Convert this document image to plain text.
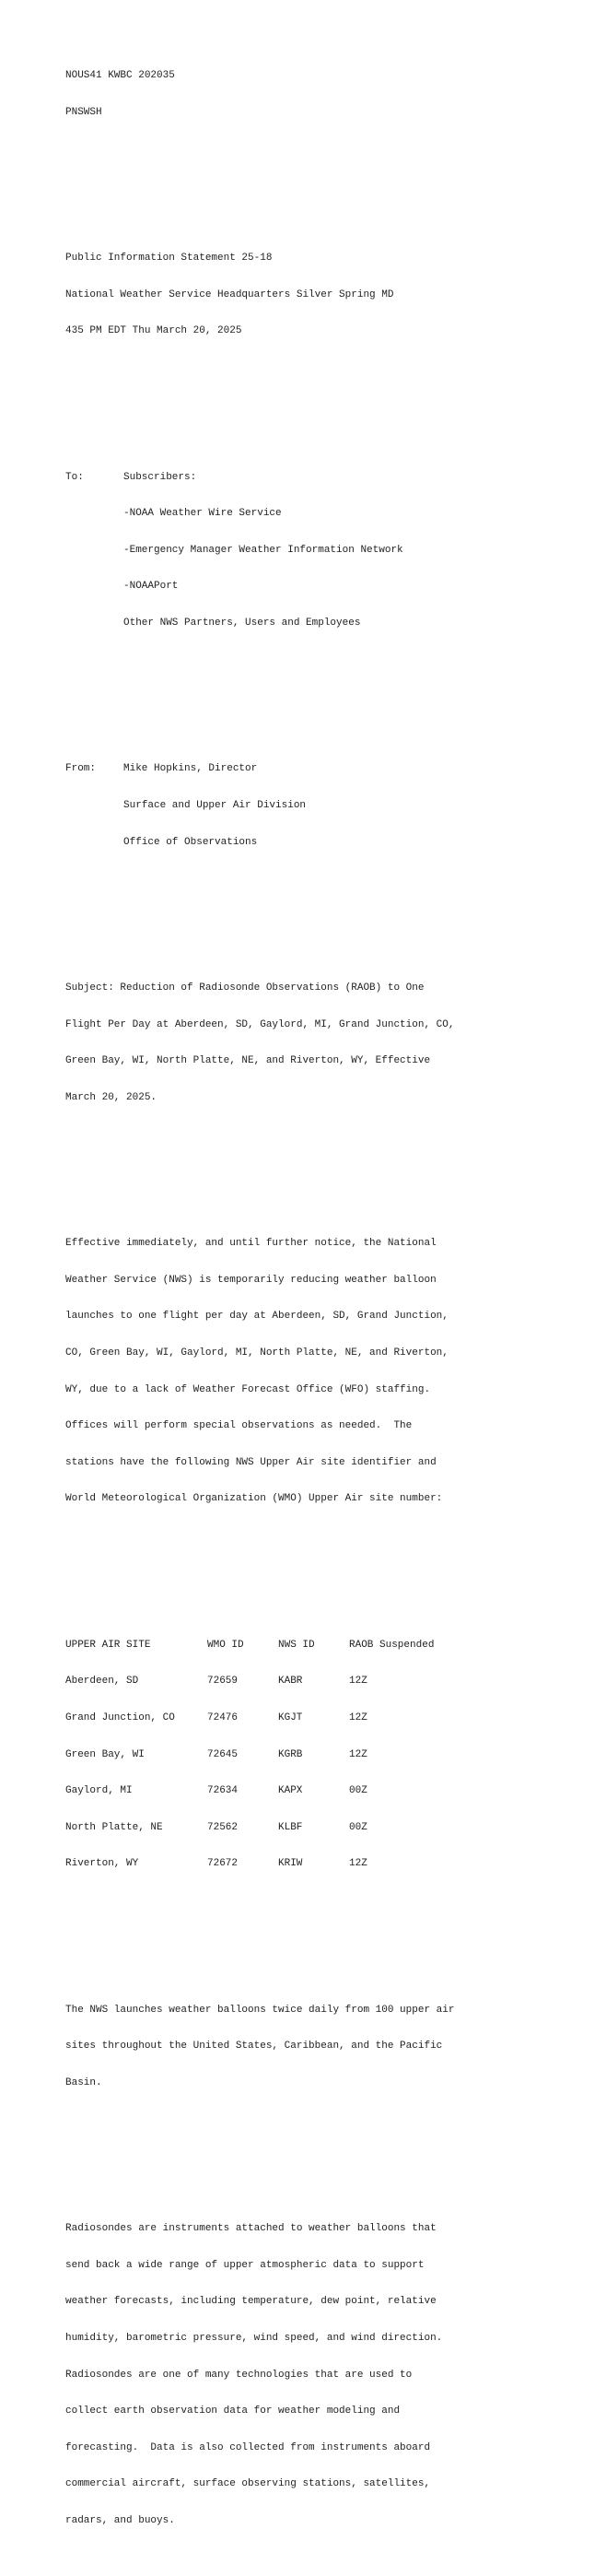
NOUS41 KWBC 202035

PNSWSH

Public Information Statement 25-18

National Weather Service Headquarters Silver Spring MD

435 PM EDT Thu March 20, 2025

To:	Subscribers:

-NOAA Weather Wire Service

-Emergency Manager Weather Information Network

-NOAAPort

Other NWS Partners, Users and Employees

From:	Mike Hopkins, Director

Surface and Upper Air Division

Office of Observations

Subject: Reduction of Radiosonde Observations (RAOB) to One

Flight Per Day at Aberdeen, SD, Gaylord, MI, Grand Junction, CO,

Green Bay, WI, North Platte, NE, and Riverton, WY, Effective

March 20, 2025.

Effective immediately, and until further notice, the National

Weather Service (NWS) is temporarily reducing weather balloon

launches to one flight per day at Aberdeen, SD, Grand Junction,

CO, Green Bay, WI, Gaylord, MI, North Platte, NE, and Riverton,

WY, due to a lack of Weather Forecast Office (WFO) staffing.

Offices will perform special observations as needed.  The

stations have the following NWS Upper Air site identifier and

World Meteorological Organization (WMO) Upper Air site number:

UPPER AIR SITE	WMO ID	NWS ID	RAOB Suspended

Aberdeen, SD	72659	KABR	12Z

Grand Junction, CO	72476	KGJT	12Z

Green Bay, WI	72645	KGRB	12Z

Gaylord, MI	72634	KAPX	00Z

North Platte, NE	72562	KLBF	00Z

Riverton, WY	72672	KRIW	12Z

The NWS launches weather balloons twice daily from 100 upper air

sites throughout the United States, Caribbean, and the Pacific

Basin.

Radiosondes are instruments attached to weather balloons that

send back a wide range of upper atmospheric data to support

weather forecasts, including temperature, dew point, relative

humidity, barometric pressure, wind speed, and wind direction.

Radiosondes are one of many technologies that are used to

collect earth observation data for weather modeling and

forecasting.  Data is also collected from instruments aboard

commercial aircraft, surface observing stations, satellites,

radars, and buoys.
